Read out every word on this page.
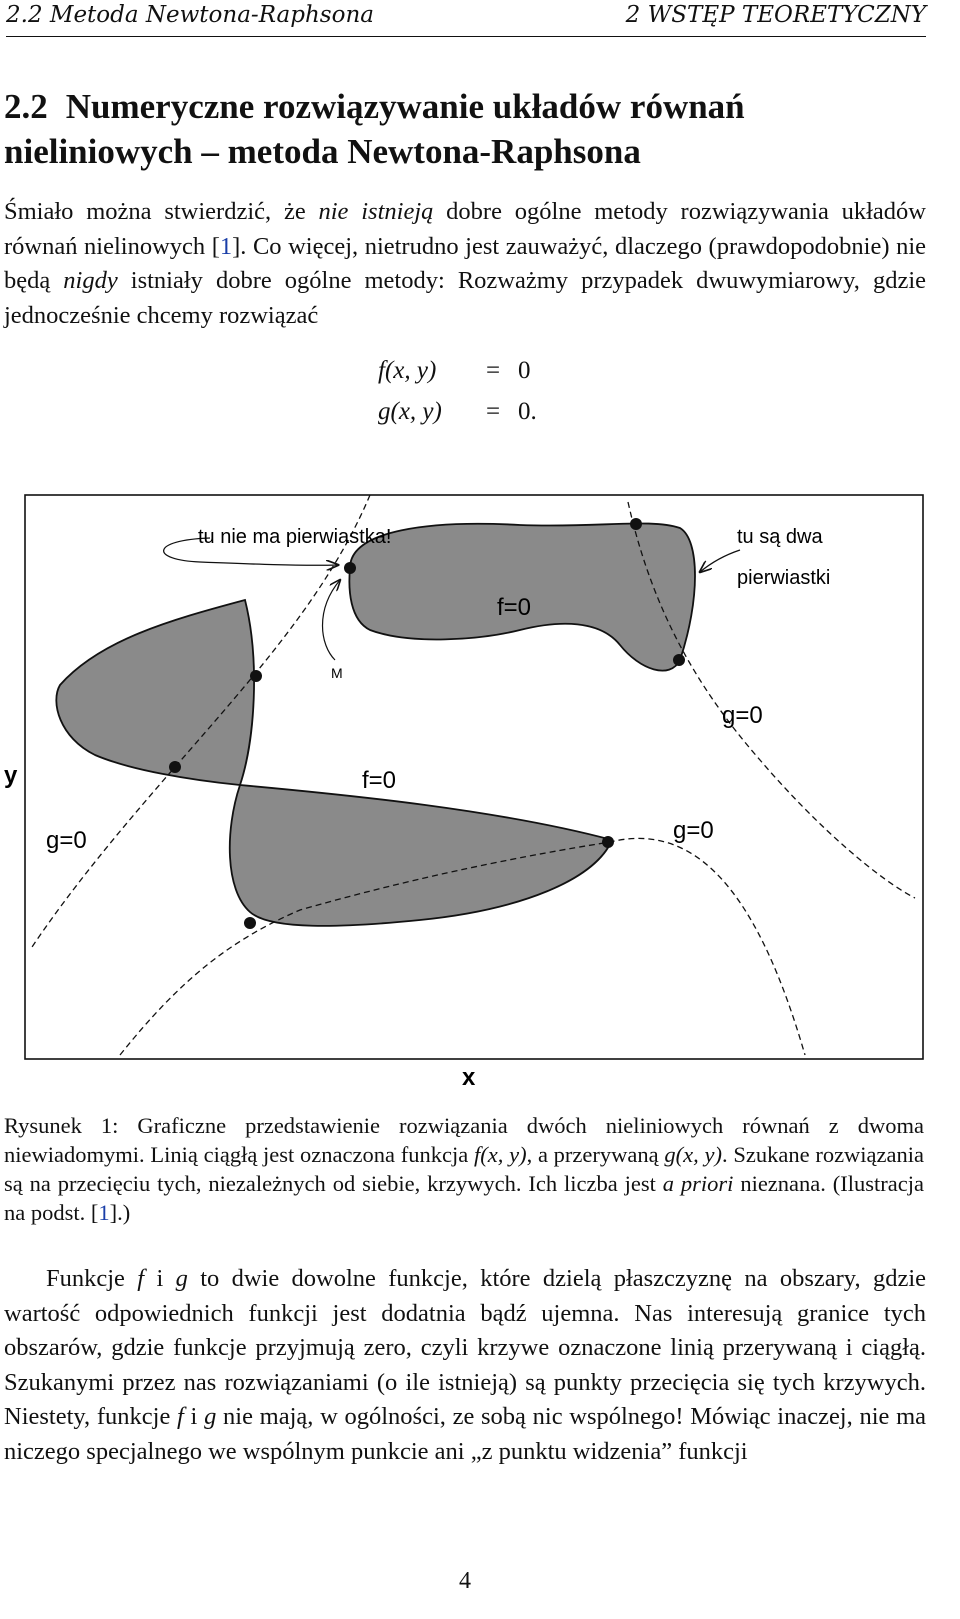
2.2 Metoda Newtona-Raphsona	2 WSTĘP TEORETYCZNY
2.2 Numeryczne rozwiązywanie układów równań nieliniowych – metoda Newtona-Raphsona

Śmiało można stwierdzić, że nie istnieją dobre ogólne metody rozwiązywania układów równań nielinowych [1]. Co więcej, nietrudno jest zauważyć, dlaczego (prawdopodobnie) nie będą nigdy istniały dobre ogólne metody: Rozważmy przypadek dwuwymiarowy, gdzie jednocześnie chcemy rozwiązać

f(x, y) = 0
g(x, y) = 0.
tu nie ma pierwiastka!	tu są dwa
pierwiastki
M
f=0
f=0
g=0
g=0
g=0
y
x

Rysunek 1: Graficzne przedstawienie rozwiązania dwóch nieliniowych równań z dwoma niewiadomymi. Linią ciągłą jest oznaczona funkcja f(x, y), a przerywaną g(x, y). Szukane rozwiązania są na przecięciu tych, niezależnych od siebie, krzywych. Ich liczba jest a priori nieznana. (Ilustracja na podst. [1].)

Funkcje f i g to dwie dowolne funkcje, które dzielą płaszczyznę na obszary, gdzie wartość odpowiednich funkcji jest dodatnia bądź ujemna. Nas interesują granice tych obszarów, gdzie funkcje przyjmują zero, czyli krzywe oznaczone linią przerywaną i ciągłą. Szukanymi przez nas rozwiązaniami (o ile istnieją) są punkty przecięcia się tych krzywych. Niestety, funkcje f i g nie mają, w ogólności, ze sobą nic wspólnego! Mówiąc inaczej, nie ma niczego specjalnego we wspólnym punkcie ani „z punktu widzenia” funkcji

4
